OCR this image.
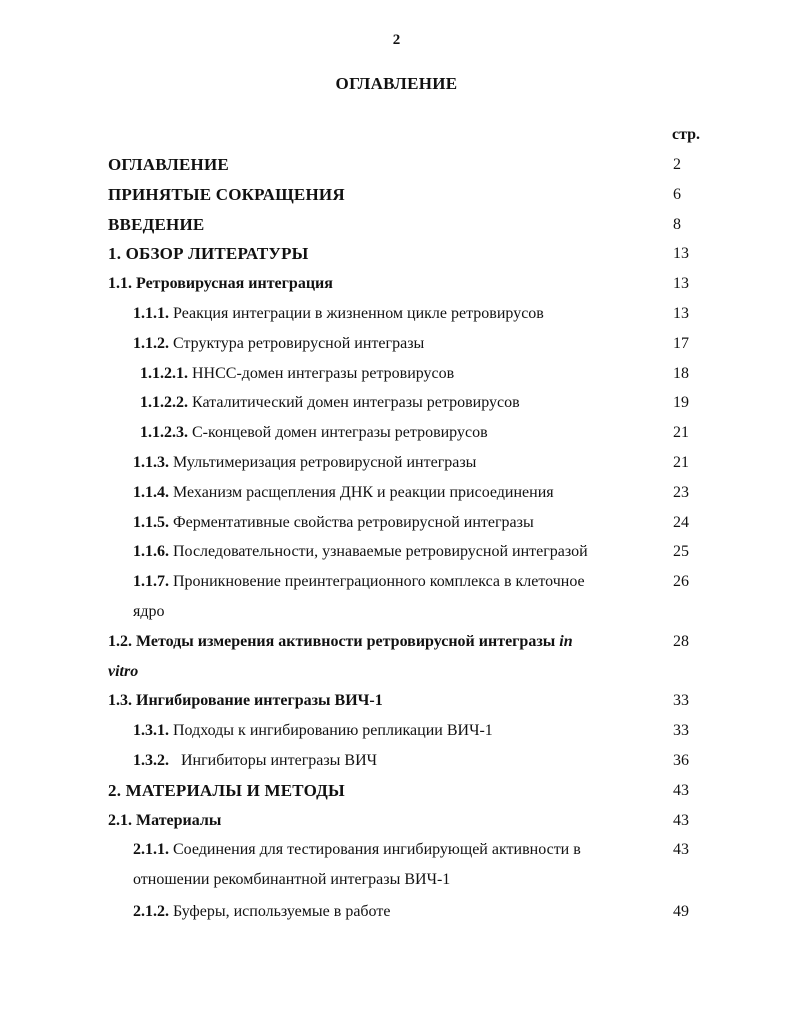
2
ОГЛАВЛЕНИЕ
стр.
ОГЛАВЛЕНИЕ	2
ПРИНЯТЫЕ СОКРАЩЕНИЯ	6
ВВЕДЕНИЕ	8
1. ОБЗОР ЛИТЕРАТУРЫ	13
1.1. Ретровирусная интеграция	13
1.1.1. Реакция интеграции в жизненном цикле ретровирусов	13
1.1.2. Структура ретровирусной интегразы	17
1.1.2.1. HHCC-домен интегразы ретровирусов	18
1.1.2.2. Каталитический домен интегразы ретровирусов	19
1.1.2.3. С-концевой домен интегразы ретровирусов	21
1.1.3. Мультимеризация ретровирусной интегразы	21
1.1.4. Механизм расщепления ДНК и реакции присоединения	23
1.1.5. Ферментативные свойства ретровирусной интегразы	24
1.1.6. Последовательности, узнаваемые ретровирусной интегразой	25
1.1.7. Проникновение преинтеграционного комплекса в клеточное	26
ядро
1.2. Методы измерения активности ретровирусной интегразы in	28
vitro
1.3. Ингибирование интегразы ВИЧ-1	33
1.3.1. Подходы к ингибированию репликации ВИЧ-1	33
1.3.2.   Ингибиторы интегразы ВИЧ	36
2. МАТЕРИАЛЫ И МЕТОДЫ	43
2.1. Материалы	43
2.1.1. Соединения для тестирования ингибирующей активности в	43
отношении рекомбинантной интегразы ВИЧ-1
2.1.2. Буферы, используемые в работе	49
